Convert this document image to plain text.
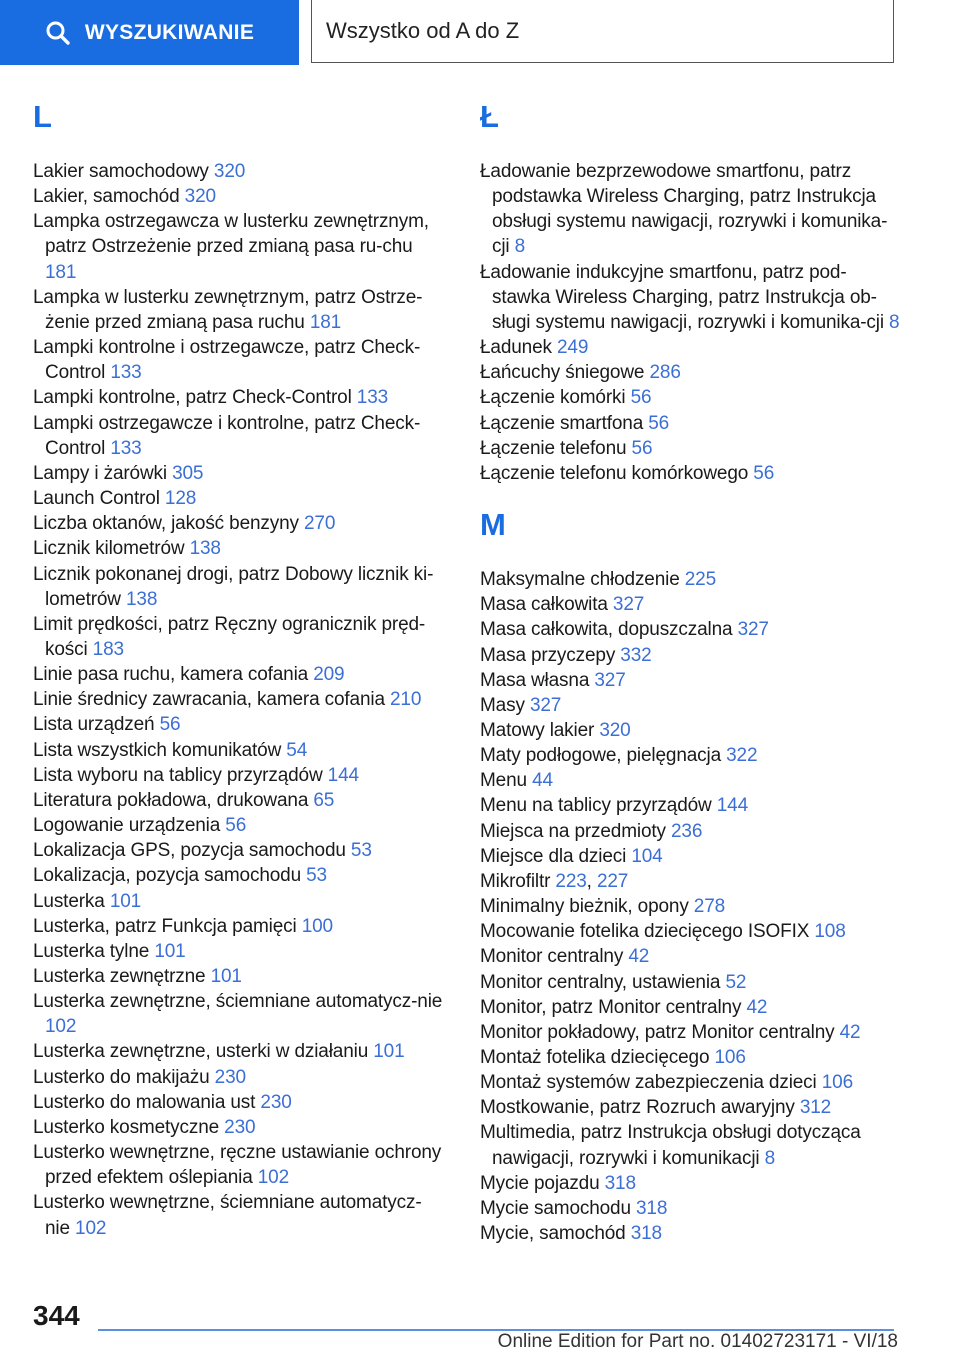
WYSZUKIWANIE	Wszystko od A do Z
L
Lakier samochodowy 320
Lakier, samochód 320
Lampka ostrzegawcza w lusterku zewnętrznym, patrz Ostrzeżenie przed zmianą pasa ru‐chu 181
Lampka w lusterku zewnętrznym, patrz Ostrze‐żenie przed zmianą pasa ruchu 181
Lampki kontrolne i ostrzegawcze, patrz Check-Control 133
Lampki kontrolne, patrz Check-Control 133
Lampki ostrzegawcze i kontrolne, patrz Check-Control 133
Lampy i żarówki 305
Launch Control 128
Liczba oktanów, jakość benzyny 270
Licznik kilometrów 138
Licznik pokonanej drogi, patrz Dobowy licznik ki‐lometrów 138
Limit prędkości, patrz Ręczny ogranicznik pręd‐kości 183
Linie pasa ruchu, kamera cofania 209
Linie średnicy zawracania, kamera cofania 210
Lista urządzeń 56
Lista wszystkich komunikatów 54
Lista wyboru na tablicy przyrządów 144
Literatura pokładowa, drukowana 65
Logowanie urządzenia 56
Lokalizacja GPS, pozycja samochodu 53
Lokalizacja, pozycja samochodu 53
Lusterka 101
Lusterka, patrz Funkcja pamięci 100
Lusterka tylne 101
Lusterka zewnętrzne 101
Lusterka zewnętrzne, ściemniane automatycz‐nie 102
Lusterka zewnętrzne, usterki w działaniu 101
Lusterko do makijażu 230
Lusterko do malowania ust 230
Lusterko kosmetyczne 230
Lusterko wewnętrzne, ręczne ustawianie ochrony przed efektem oślepiania 102
Lusterko wewnętrzne, ściemniane automatycz‐nie 102
Ł
Ładowanie bezprzewodowe smartfonu, patrz podstawka Wireless Charging, patrz Instrukcja obsługi systemu nawigacji, rozrywki i komunika‐cji 8
Ładowanie indukcyjne smartfonu, patrz pod‐stawka Wireless Charging, patrz Instrukcja ob‐sługi systemu nawigacji, rozrywki i komunika‐cji 8
Ładunek 249
Łańcuchy śniegowe 286
Łączenie komórki 56
Łączenie smartfona 56
Łączenie telefonu 56
Łączenie telefonu komórkowego 56
M
Maksymalne chłodzenie 225
Masa całkowita 327
Masa całkowita, dopuszczalna 327
Masa przyczepy 332
Masa własna 327
Masy 327
Matowy lakier 320
Maty podłogowe, pielęgnacja 322
Menu 44
Menu na tablicy przyrządów 144
Miejsca na przedmioty 236
Miejsce dla dzieci 104
Mikrofiltr 223, 227
Minimalny bieżnik, opony 278
Mocowanie fotelika dziecięcego ISOFIX 108
Monitor centralny 42
Monitor centralny, ustawienia 52
Monitor, patrz Monitor centralny 42
Monitor pokładowy, patrz Monitor centralny 42
Montaż fotelika dziecięcego 106
Montaż systemów zabezpieczenia dzieci 106
Mostkowanie, patrz Rozruch awaryjny 312
Multimedia, patrz Instrukcja obsługi dotycząca nawigacji, rozrywki i komunikacji 8
Mycie pojazdu 318
Mycie samochodu 318
Mycie, samochód 318
344
Online Edition for Part no. 01402723171 - VI/18
